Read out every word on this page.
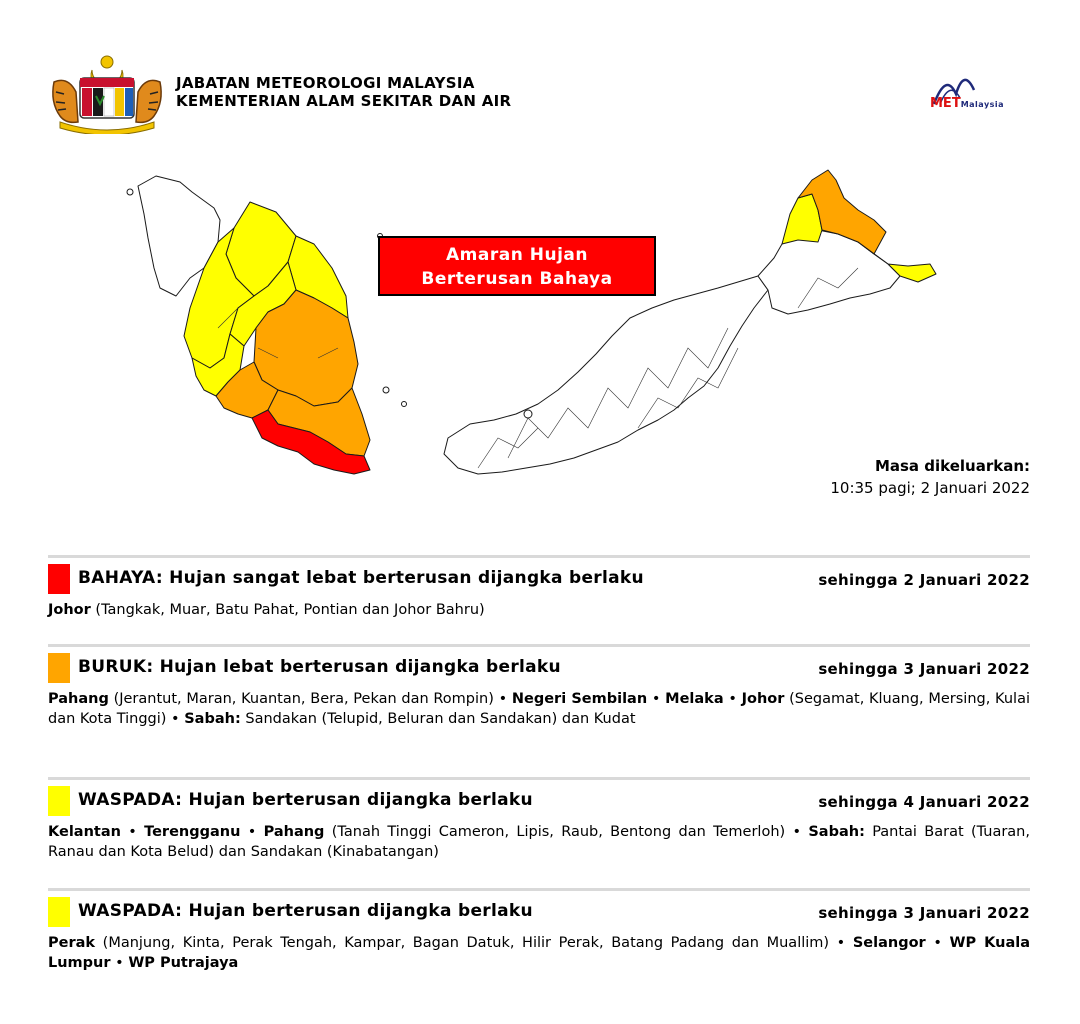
JABATAN METEOROLOGI MALAYSIA
KEMENTERIAN ALAM SEKITAR DAN AIR	METMalaysia
Amaran Hujan
Berterusan Bahaya
Masa dikeluarkan:
10:35 pagi; 2 Januari 2022
BAHAYA: Hujan sangat lebat berterusan dijangka berlaku	sehingga 2 Januari 2022
Johor (Tangkak, Muar, Batu Pahat, Pontian dan Johor Bahru)
BURUK: Hujan lebat berterusan dijangka berlaku	sehingga 3 Januari 2022
Pahang (Jerantut, Maran, Kuantan, Bera, Pekan dan Rompin) • Negeri Sembilan • Melaka • Johor (Segamat, Kluang, Mersing, Kulai dan Kota Tinggi) • Sabah: Sandakan (Telupid, Beluran dan Sandakan) dan Kudat
WASPADA: Hujan berterusan dijangka berlaku	sehingga 4 Januari 2022
Kelantan • Terengganu • Pahang (Tanah Tinggi Cameron, Lipis, Raub, Bentong dan Temerloh) • Sabah: Pantai Barat (Tuaran, Ranau dan Kota Belud) dan Sandakan (Kinabatangan)
WASPADA: Hujan berterusan dijangka berlaku	sehingga 3 Januari 2022
Perak (Manjung, Kinta, Perak Tengah, Kampar, Bagan Datuk, Hilir Perak, Batang Padang dan Muallim) • Selangor • WP Kuala Lumpur • WP Putrajaya
